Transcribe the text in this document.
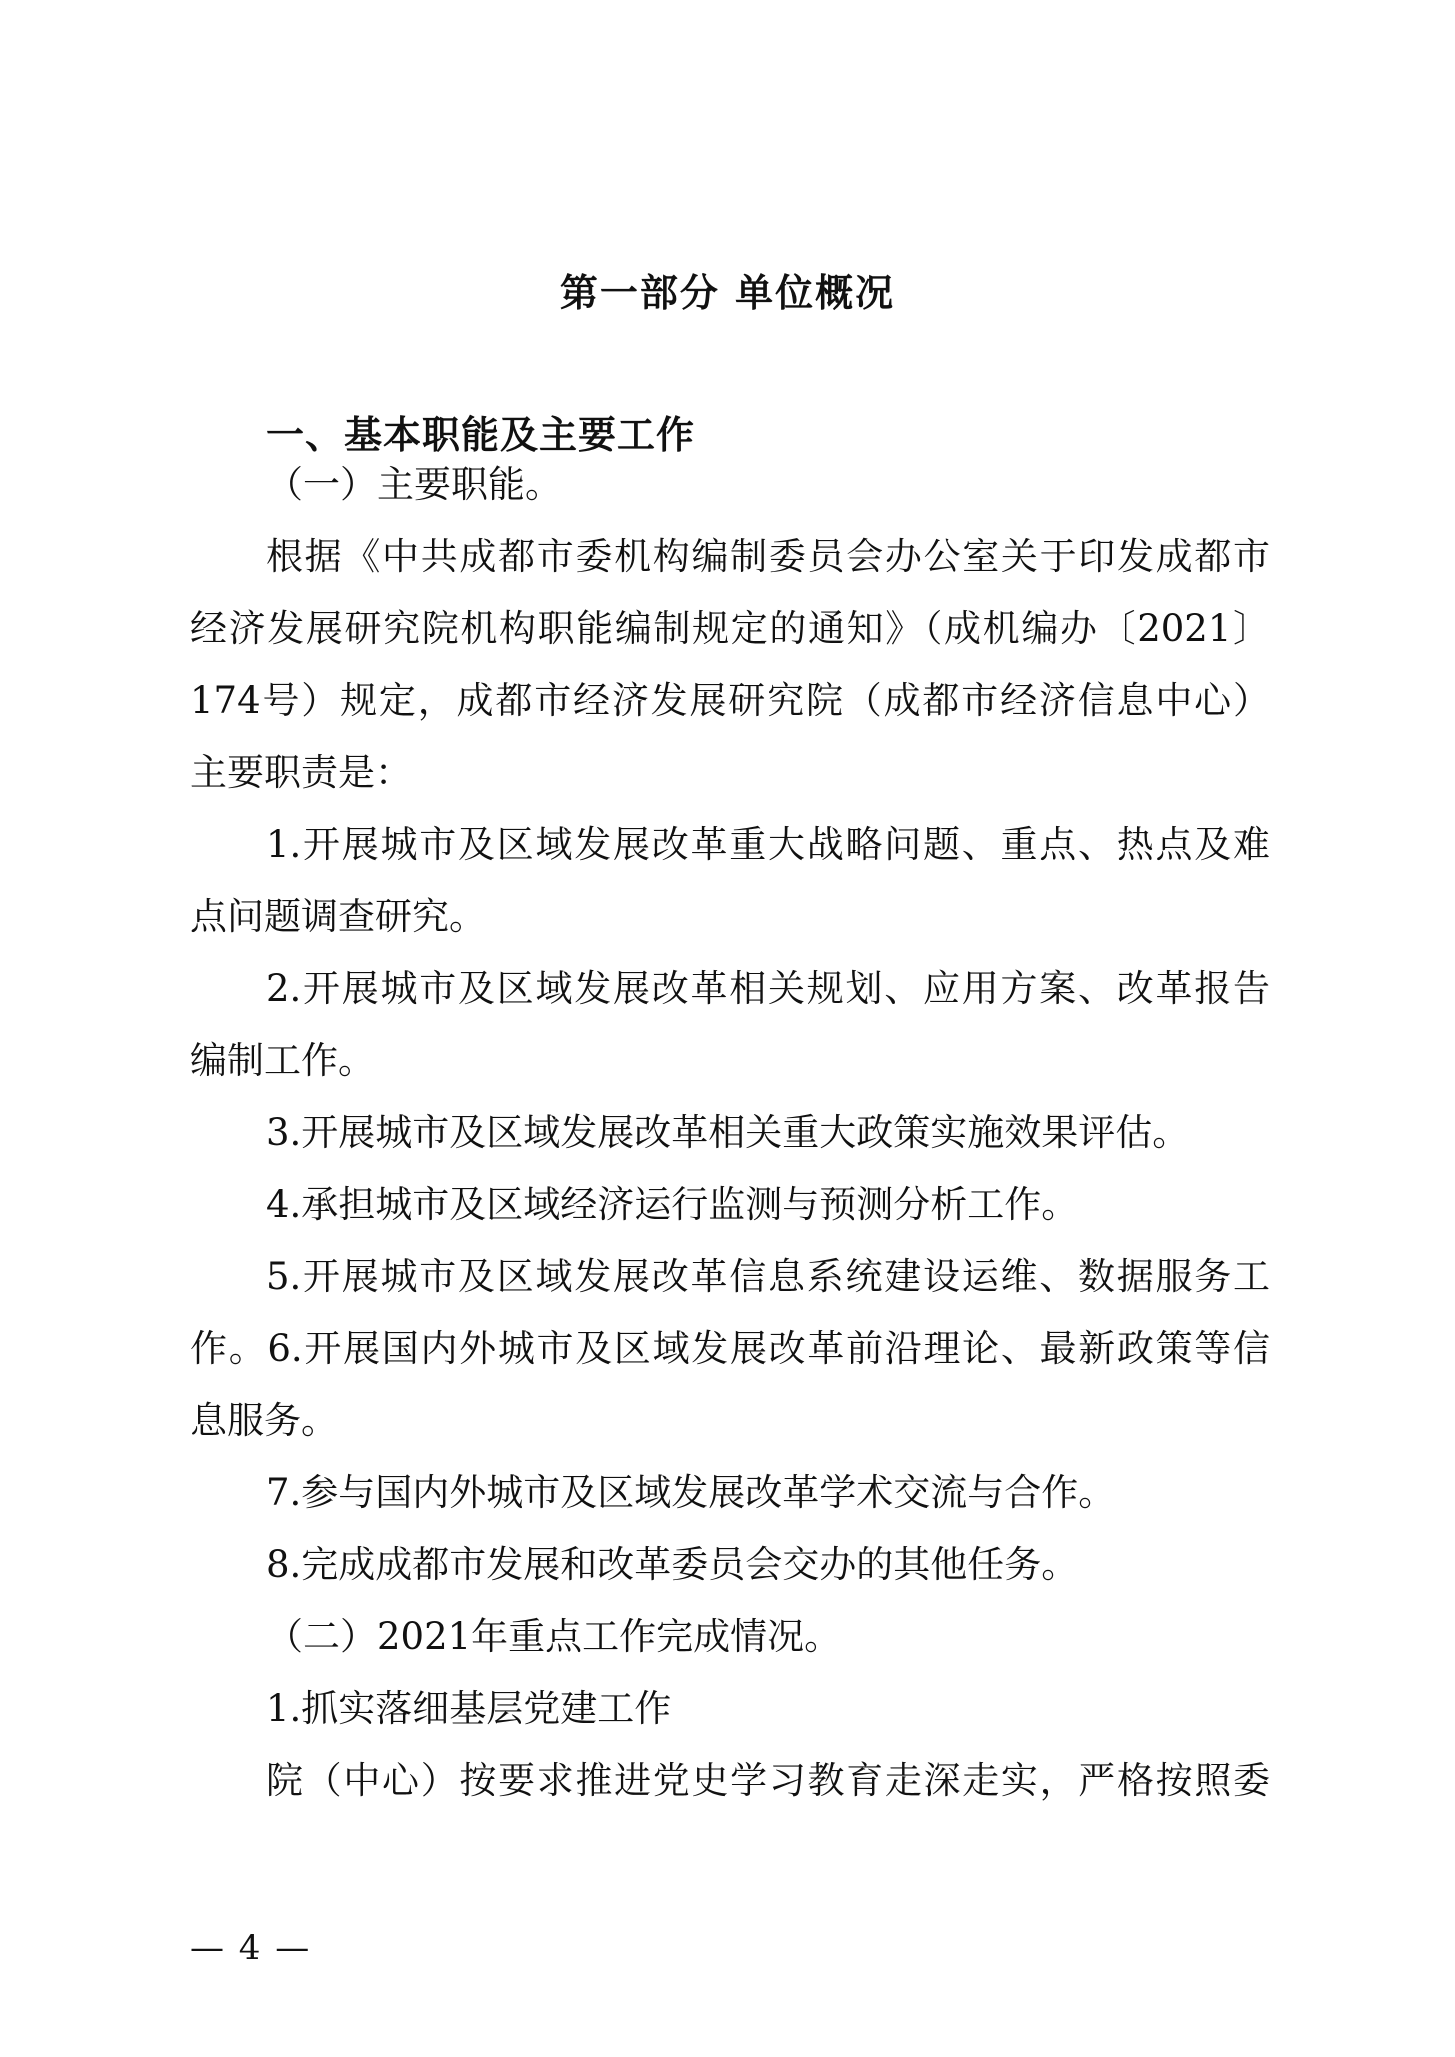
第一部分 单位概况
一、基本职能及主要工作
（一）主要职能。
根据《中共成都市委机构编制委员会办公室关于印发成都市
经济发展研究院机构职能编制规定的通知》（成机编办〔2021〕
174号）规定，成都市经济发展研究院（成都市经济信息中心）
主要职责是：
1.开展城市及区域发展改革重大战略问题、重点、热点及难
点问题调查研究。
2.开展城市及区域发展改革相关规划、应用方案、改革报告
编制工作。
3.开展城市及区域发展改革相关重大政策实施效果评估。
4.承担城市及区域经济运行监测与预测分析工作。
5.开展城市及区域发展改革信息系统建设运维、数据服务工
作。6.开展国内外城市及区域发展改革前沿理论、最新政策等信
息服务。
7.参与国内外城市及区域发展改革学术交流与合作。
8.完成成都市发展和改革委员会交办的其他任务。
（二）2021年重点工作完成情况。
1.抓实落细基层党建工作
院（中心）按要求推进党史学习教育走深走实，严格按照委
— 4 —
